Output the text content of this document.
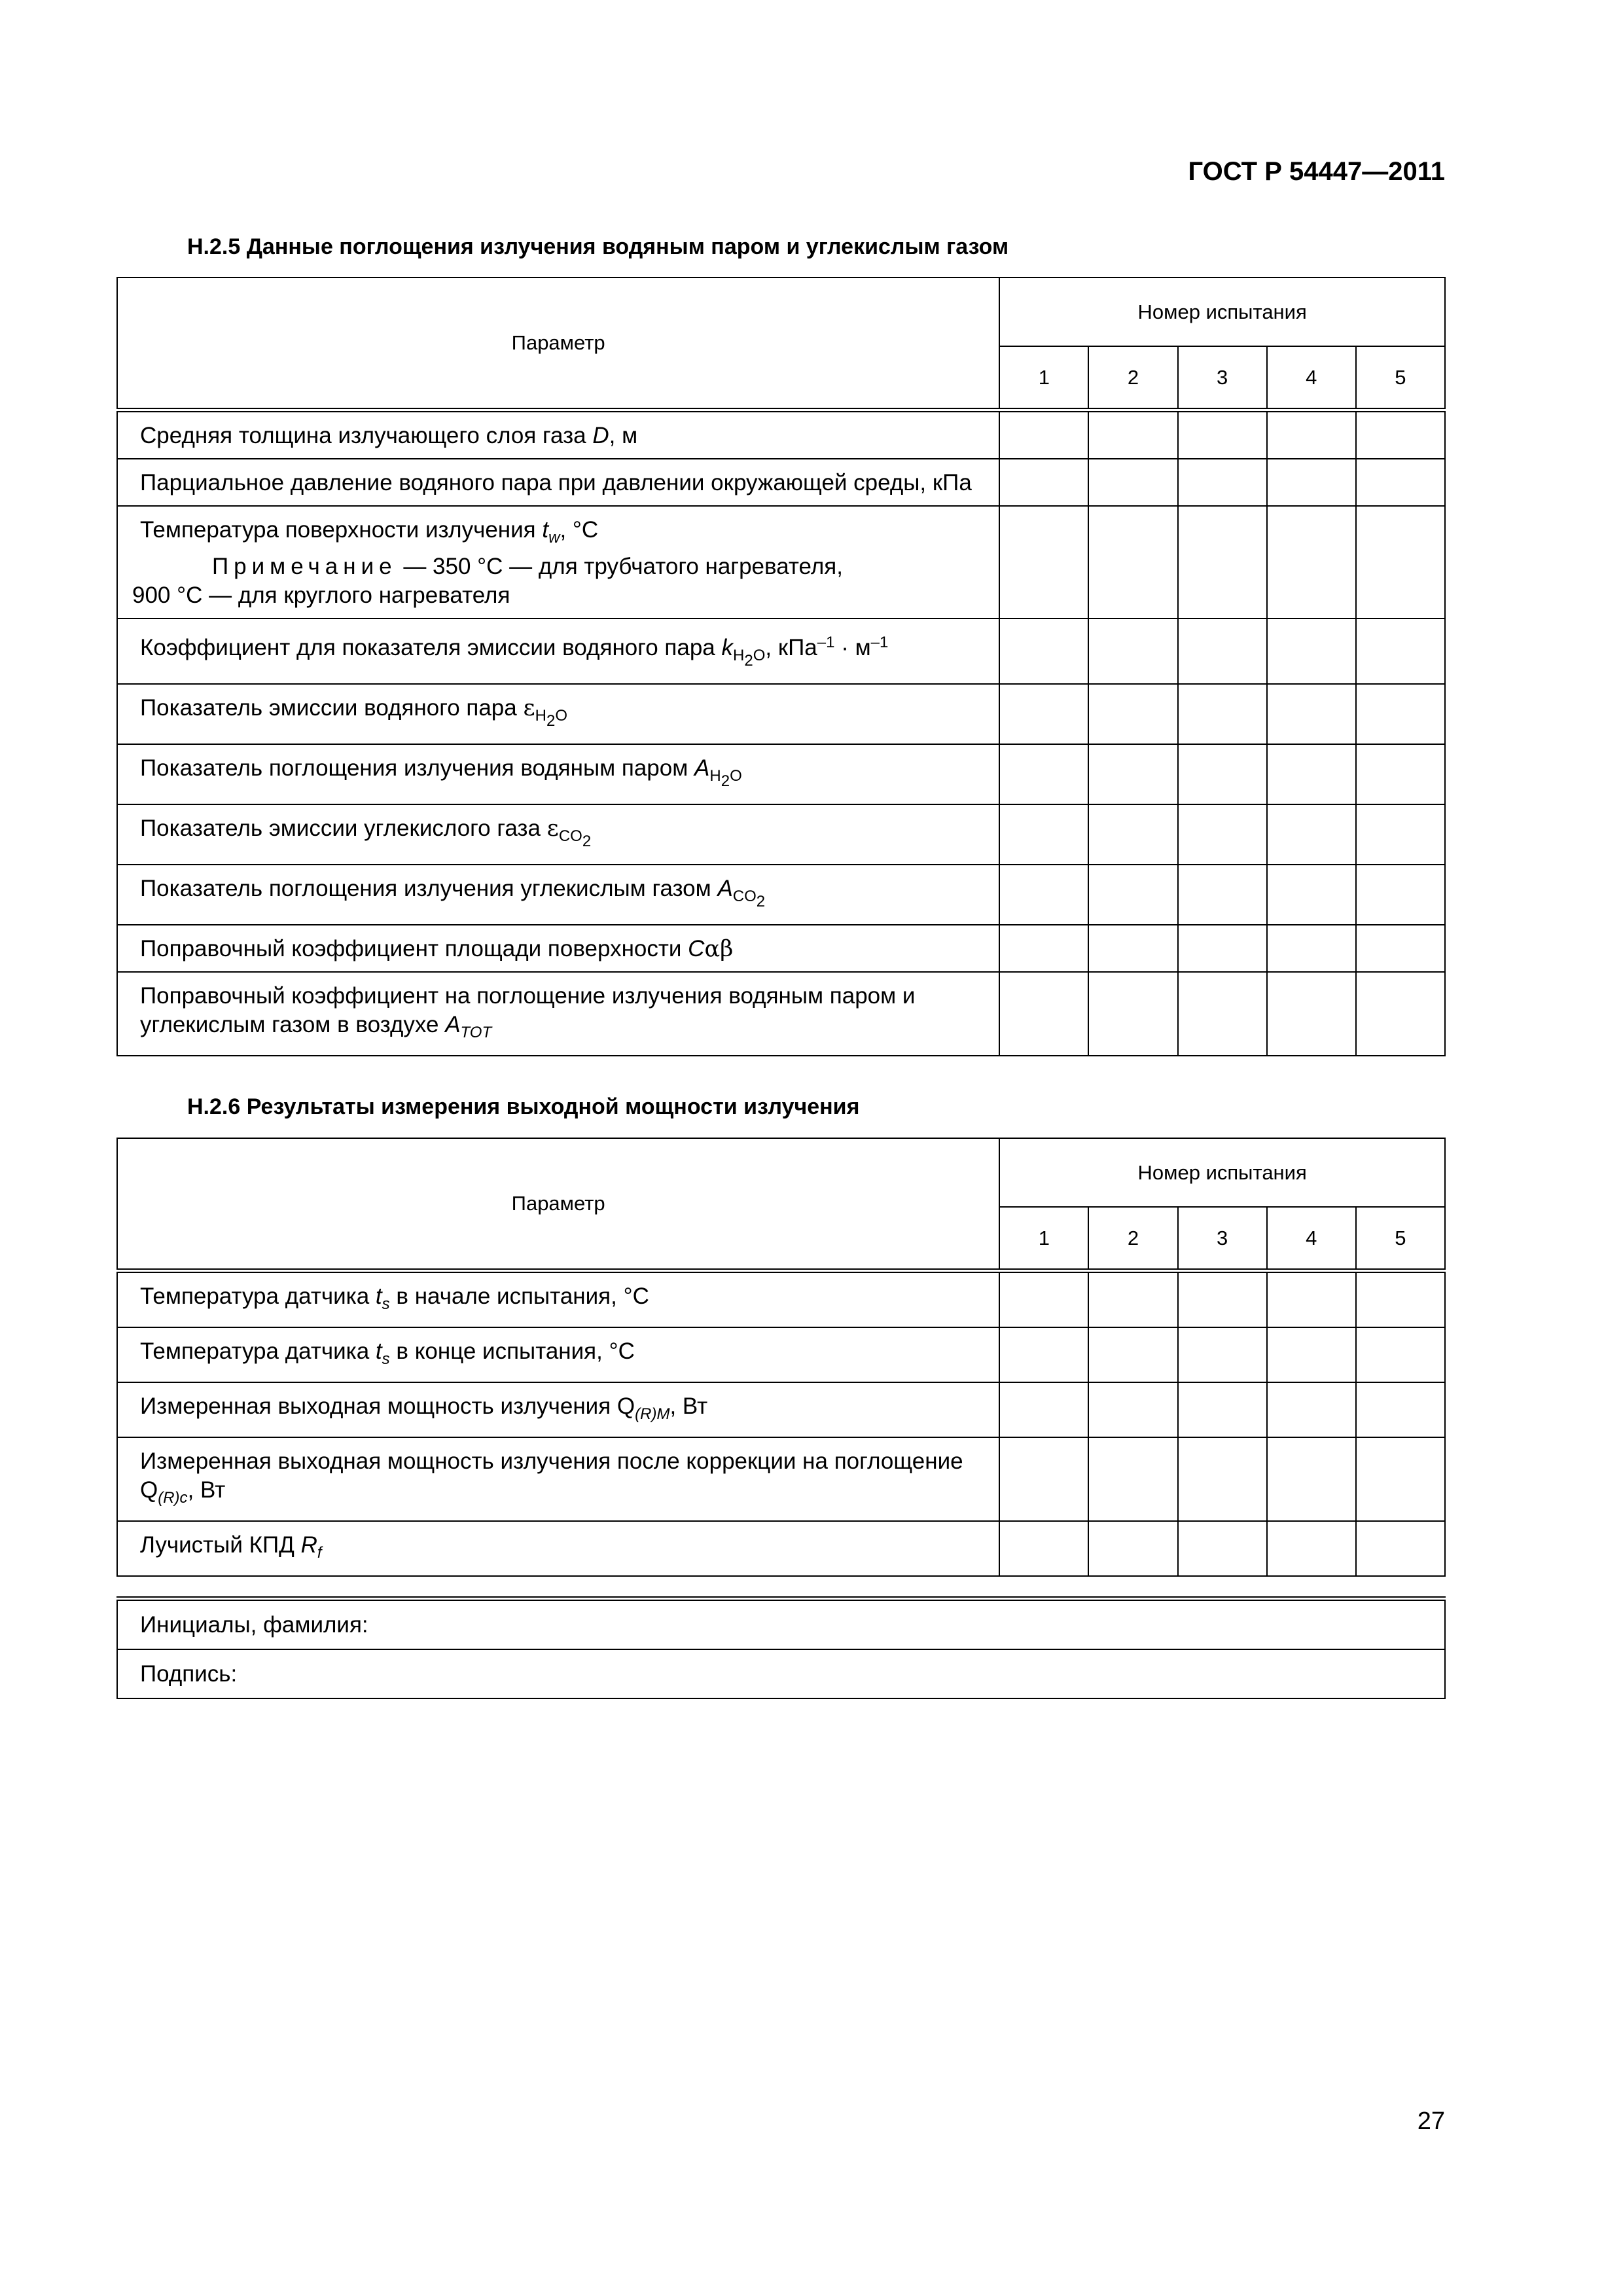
ГОСТ Р 54447—2011

Н.2.5 Данные поглощения излучения водяным паром и углекислым газом

Параметр	Номер испытания				
	1	2	3	4	5
Средняя толщина излучающего слоя газа D, м					
Парциальное давление водяного пара при давлении окружающей среды, кПа					

Температура поверхности излучения $t_w$, °С
Примечание — 350 °С — для трубчатого нагревателя,
900 °С — для круглого нагревателя					

Коэффициент для показателя эмиссии водяного пара $k_{H_2O}$, $кПа^{-1} \cdot м^{-1}$					
Показатель эмиссии водяного пара $\varepsilon_{H_2O}$					
Показатель поглощения излучения водяным паром $A_{H_2O}$					
Показатель эмиссии углекислого газа $\varepsilon_{CO_2}$					
Показатель поглощения излучения углекислым газом $A_{CO_2}$					
Поправочный коэффициент площади поверхности Cαβ					
Поправочный коэффициент на поглощение излучения водяным паром и углекислым газом в воздухе $A_{TOT}$					

Н.2.6 Результаты измерения выходной мощности излучения

Параметр	Номер испытания				
	1	2	3	4	5
Температура датчика $t_s$ в начале испытания, °С					
Температура датчика $t_s$ в конце испытания, °С					
Измеренная выходная мощность излучения $Q_{(R)M}$, Вт					
Измеренная выходная мощность излучения после коррекции на поглощение $Q_{(R)c}$, Вт					
Лучистый КПД $R_f$					
Инициалы, фамилия:
Подпись:

27
